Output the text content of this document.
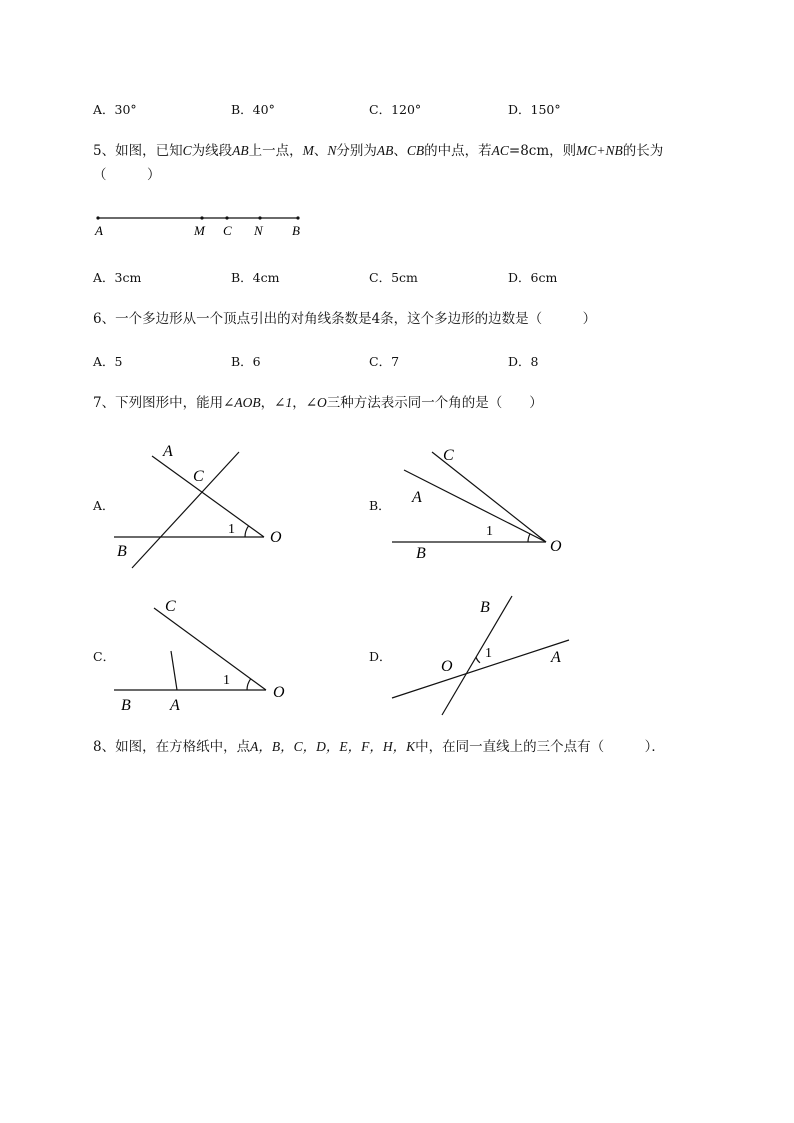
A．30°	B．40°	C．120°	D．150°
5、如图，已知C为线段AB上一点，M、N分别为AB、CB的中点，若AC=8cm，则MC+NB的长为
（　　　）
A	M C N B
A．3cm	B．4cm	C．5cm	D．6cm
6、一个多边形从一个顶点引出的对角线条数是4条，这个多边形的边数是（　　　）
A．5	B．6	C．7	D．8
7、下列图形中，能用∠AOB，∠1，∠O三种方法表示同一个角的是（　　）
A．	B．
C．	D．
A
C
B
O
1
C
A
B	O
1
C
B A
O
1
B
O
A
1
8、如图，在方格纸中，点A，B，C，D，E，F，H，K中，在同一直线上的三个点有（　　　）．
